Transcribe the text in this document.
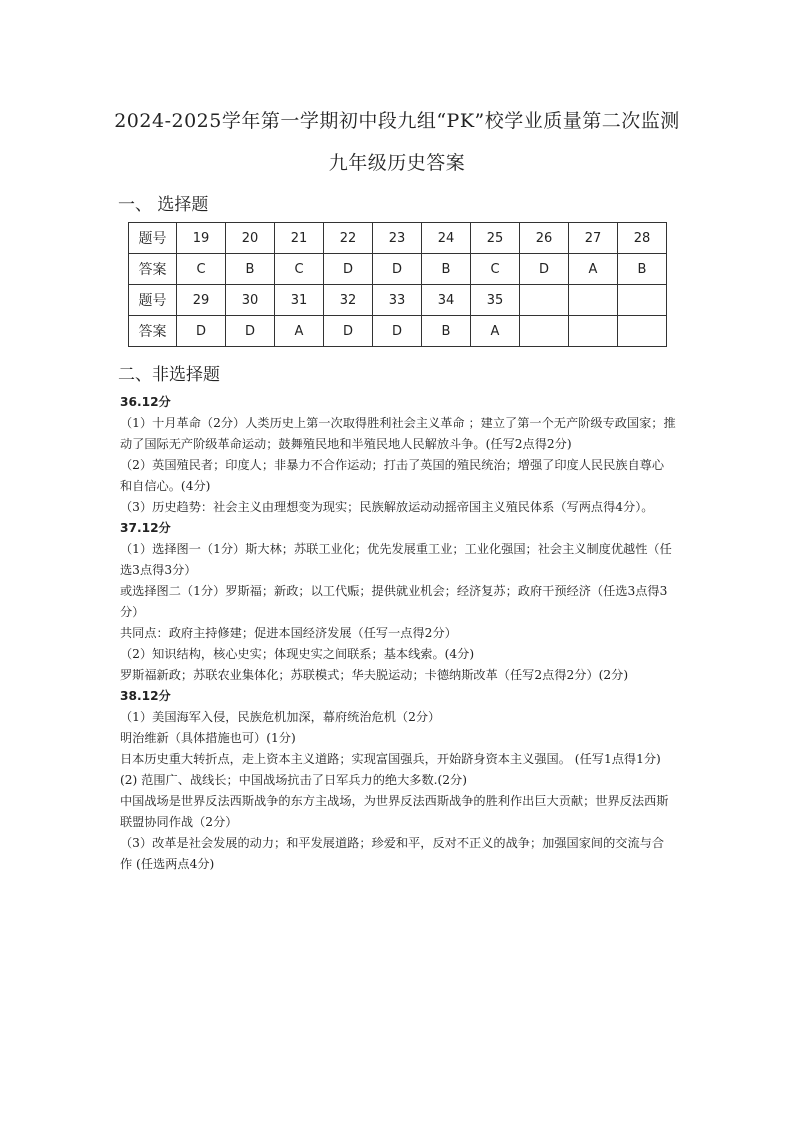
2024-2025学年第一学期初中段九组“PK”校学业质量第二次监测
九年级历史答案
一、 选择题
题号	19	20	21	22	23	24	25	26	27	28
答案	C	B	C	D	D	B	C	D	A	B
题号	29	30	31	32	33	34	35			
答案	D	D	A	D	D	B	A			
二、非选择题

36.12分

（1）十月革命（2分）人类历史上第一次取得胜利社会主义革命 ；建立了第一个无产阶级专政国家；推动了国际无产阶级革命运动；鼓舞殖民地和半殖民地人民解放斗争。(任写2点得2分)

（2）英国殖民者；印度人；非暴力不合作运动；打击了英国的殖民统治；增强了印度人民民族自尊心和自信心。(4分)

（3）历史趋势：社会主义由理想变为现实；民族解放运动动摇帝国主义殖民体系（写两点得4分）。

37.12分

（1）选择图一（1分）斯大林；苏联工业化；优先发展重工业；工业化强国；社会主义制度优越性（任选3点得3分）

或选择图二（1分）罗斯福；新政；以工代赈；提供就业机会；经济复苏；政府干预经济（任选3点得3分）

共同点：政府主持修建；促进本国经济发展（任写一点得2分）

（2）知识结构，核心史实；体现史实之间联系；基本线索。(4分)

罗斯福新政；苏联农业集体化；苏联模式；华夫脱运动；卡德纳斯改革（任写2点得2分）(2分)

38.12分

（1）美国海军入侵，民族危机加深，幕府统治危机（2分）

明治维新（具体措施也可）(1分)

日本历史重大转折点，走上资本主义道路；实现富国强兵，开始跻身资本主义强国。 (任写1点得1分)

(2) 范围广、战线长；中国战场抗击了日军兵力的绝大多数.(2分)

中国战场是世界反法西斯战争的东方主战场，为世界反法西斯战争的胜利作出巨大贡献；世界反法西斯联盟协同作战（2分）

（3）改革是社会发展的动力；和平发展道路；珍爱和平，反对不正义的战争；加强国家间的交流与合作 (任选两点4分)
